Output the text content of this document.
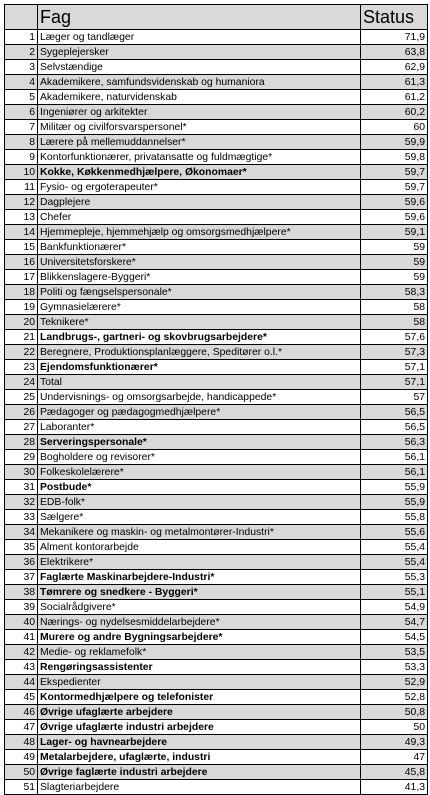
	Fag	Status
1	Læger og tandlæger	71,9
2	Sygeplejersker	63,8
3	Selvstændige	62,9
4	Akademikere, samfundsvidenskab og humaniora	61,3
5	Akademikere, naturvidenskab	61,2
6	Ingeniører og arkitekter	60,2
7	Militær og civilforsvarspersonel*	60
8	Lærere på mellemuddannelser*	59,9
9	Kontorfunktionærer, privatansatte og fuldmægtige*	59,8
10	Kokke, Køkkenmedhjælpere, Økonomaer*	59,7
11	Fysio- og ergoterapeuter*	59,7
12	Dagplejere	59,6
13	Chefer	59,6
14	Hjemmepleje, hjemmehjælp og omsorgsmedhjælpere*	59,1
15	Bankfunktionærer*	59
16	Universitetsforskere*	59
17	Blikkenslagere-Byggeri*	59
18	Politi og fængselspersonale*	58,3
19	Gymnasielærere*	58
20	Teknikere*	58
21	Landbrugs-, gartneri- og skovbrugsarbejdere*	57,6
22	Beregnere, Produktionsplanlæggere, Speditører o.l.*	57,3
23	Ejendomsfunktionærer*	57,1
24	Total	57,1
25	Undervisnings- og omsorgsarbejde, handicappede*	57
26	Pædagoger og pædagogmedhjælpere*	56,5
27	Laboranter*	56,5
28	Serveringspersonale*	56,3
29	Bogholdere og revisorer*	56,1
30	Folkeskolelærere*	56,1
31	Postbude*	55,9
32	EDB-folk*	55,9
33	Sælgere*	55,8
34	Mekanikere og maskin- og metalmontører-Industri*	55,6
35	Alment kontorarbejde	55,4
36	Elektrikere*	55,4
37	Faglærte Maskinarbejdere-Industri*	55,3
38	Tømrere og snedkere - Byggeri*	55,1
39	Socialrådgivere*	54,9
40	Nærings- og nydelsesmiddelarbejdere*	54,7
41	Murere og andre Bygningsarbejdere*	54,5
42	Medie- og reklamefolk*	53,5
43	Rengøringsassistenter	53,3
44	Ekspedienter	52,9
45	Kontormedhjælpere og telefonister	52,8
46	Øvrige ufaglærte arbejdere	50,8
47	Øvrige ufaglærte industri arbejdere	50
48	Lager- og havnearbejdere	49,3
49	Metalarbejdere, ufaglærte, industri	47
50	Øvrige faglærte industri arbejdere	45,8
51	Slagteriarbejdere	41,3
